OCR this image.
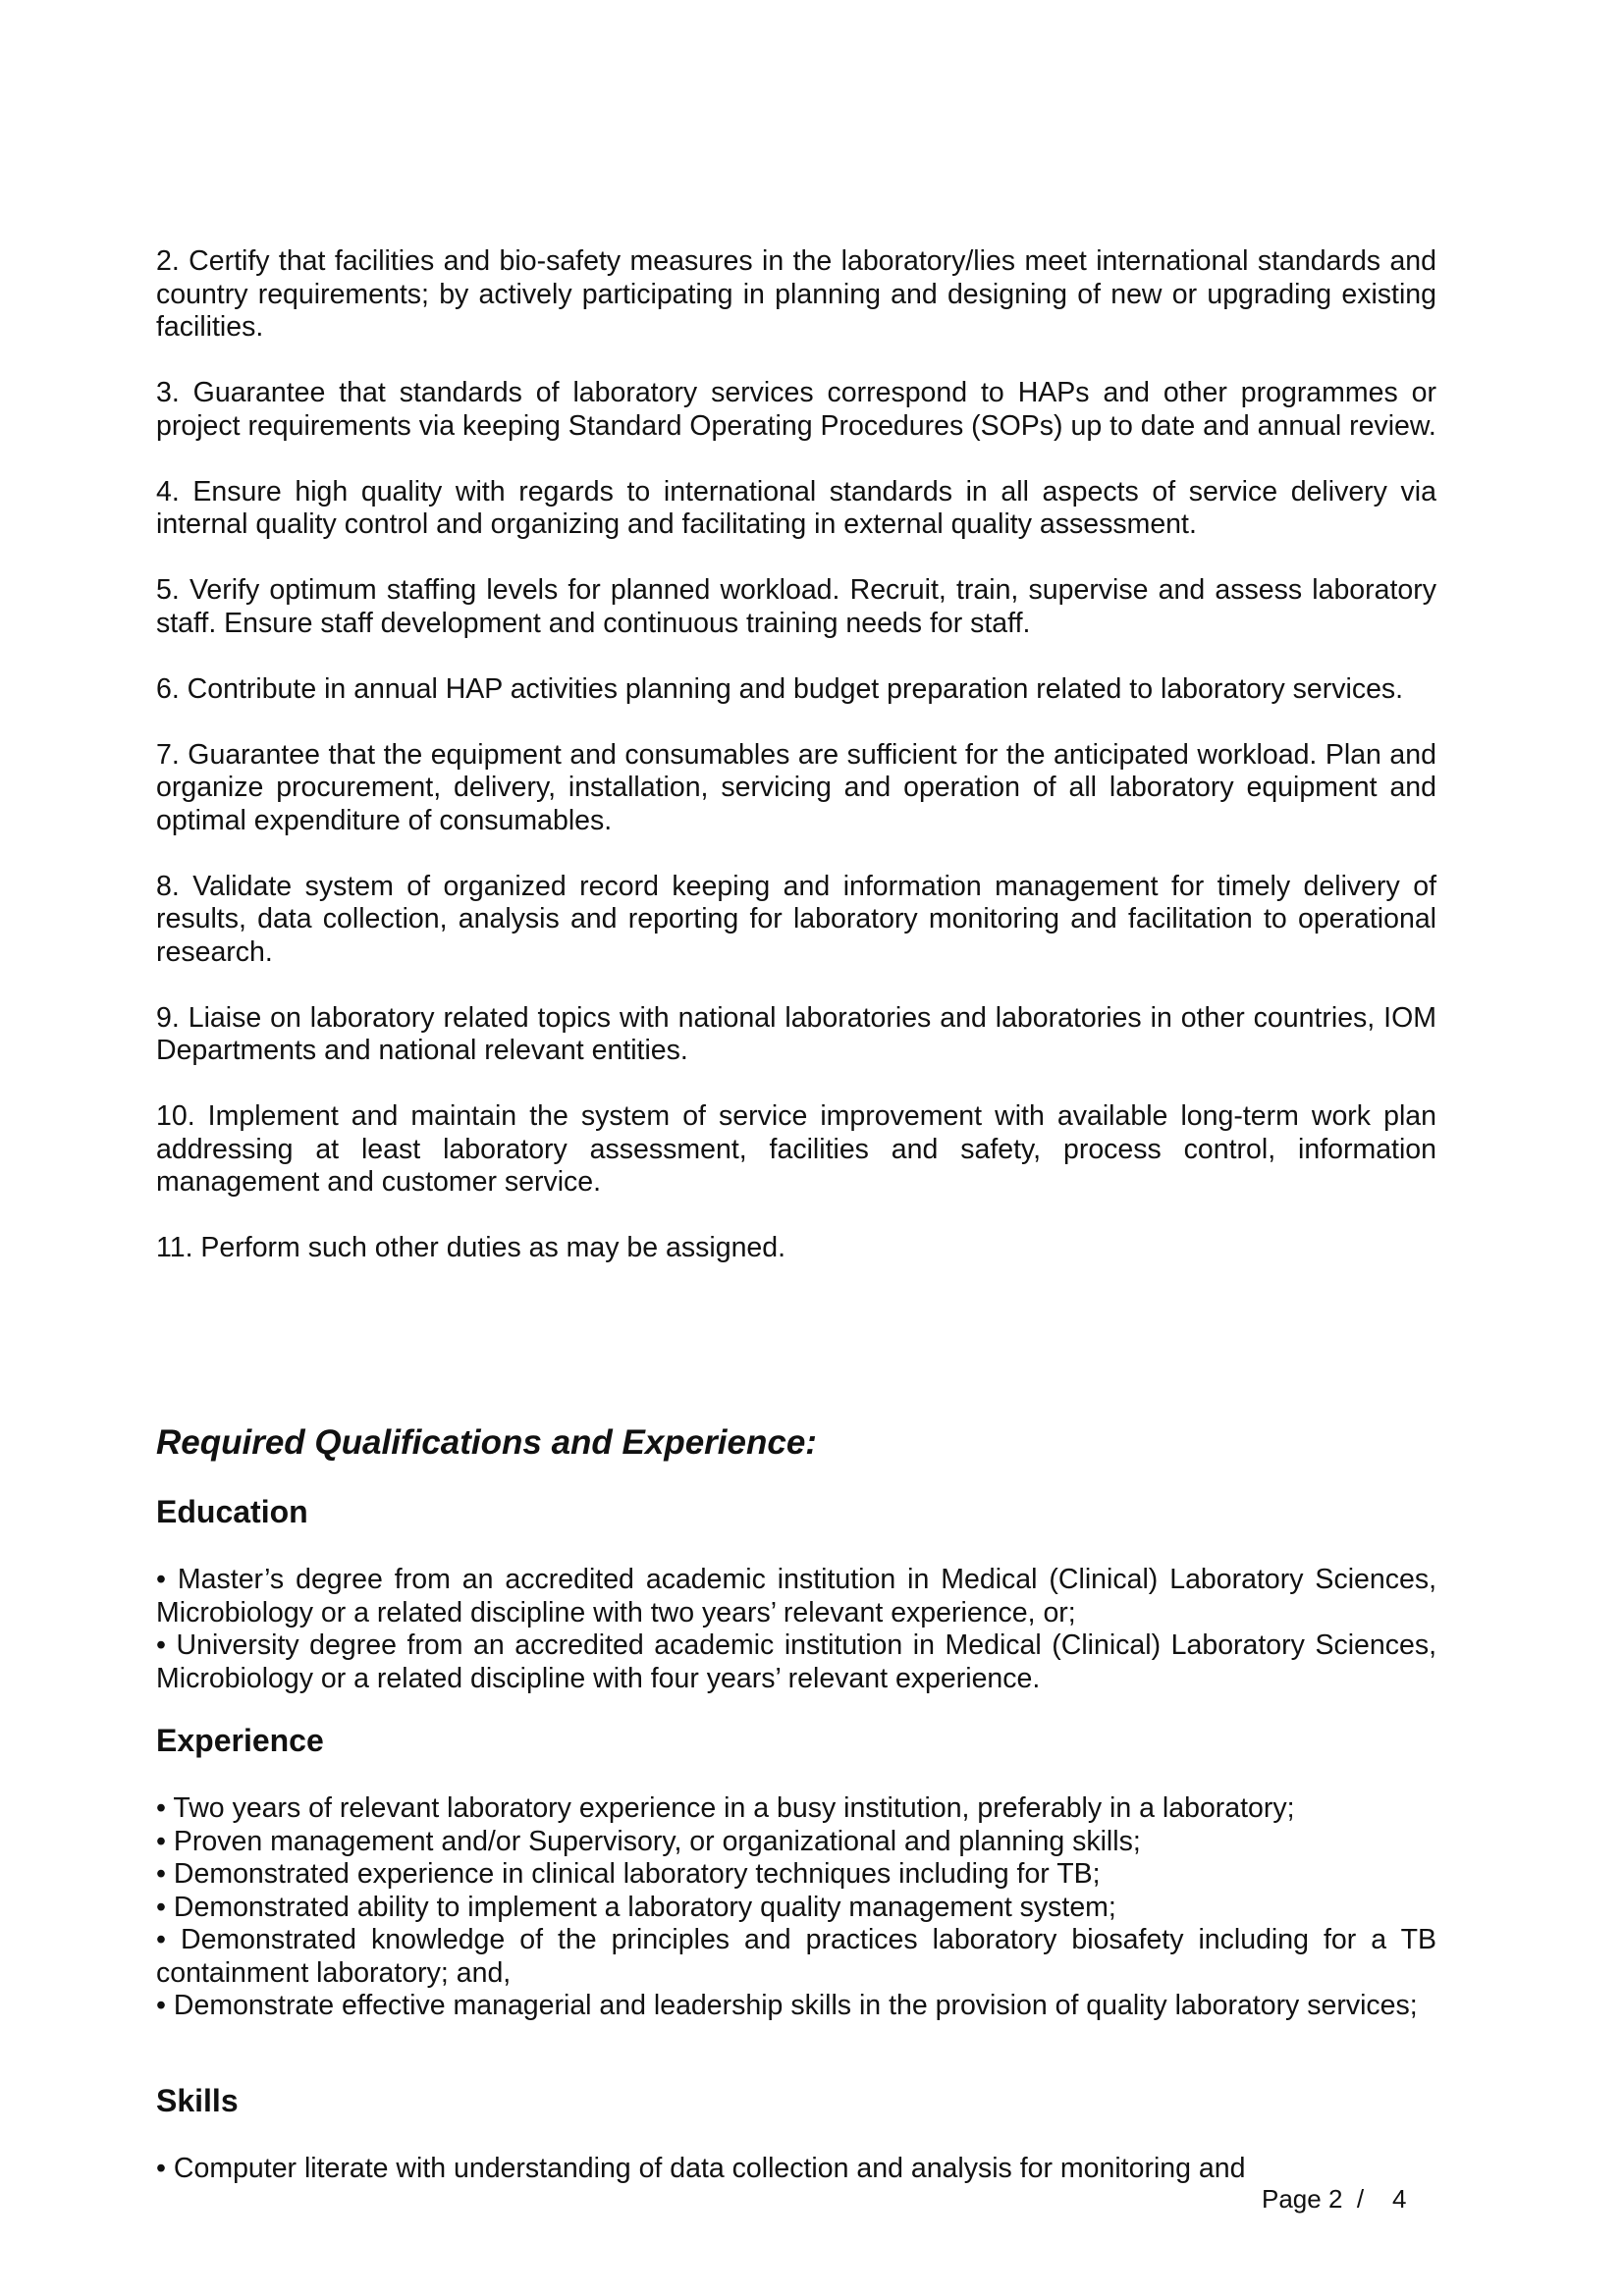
2. Certify that facilities and bio-safety measures in the laboratory/lies meet international standards and country requirements; by actively participating in planning and designing of new or upgrading existing facilities.

3. Guarantee that standards of laboratory services correspond to HAPs and other programmes or project requirements via keeping Standard Operating Procedures (SOPs) up to date and annual review.

4. Ensure high quality with regards to international standards in all aspects of service delivery via internal quality control and organizing and facilitating in external quality assessment.

5. Verify optimum staffing levels for planned workload. Recruit, train, supervise and assess laboratory staff. Ensure staff development and continuous training needs for staff.

6. Contribute in annual HAP activities planning and budget preparation related to laboratory services.

7. Guarantee that the equipment and consumables are sufficient for the anticipated workload. Plan and organize procurement, delivery, installation, servicing and operation of all laboratory equipment and optimal expenditure of consumables.

8. Validate system of organized record keeping and information management for timely delivery of results, data collection, analysis and reporting for laboratory monitoring and facilitation to operational research.

9. Liaise on laboratory related topics with national laboratories and laboratories in other countries, IOM Departments and national relevant entities.

10. Implement and maintain the system of service improvement with available long-term work plan addressing at least laboratory assessment, facilities and safety, process control, information management and customer service.

11. Perform such other duties as may be assigned.

Required Qualifications and Experience:
Education

• Master’s degree from an accredited academic institution in Medical (Clinical) Laboratory Sciences, Microbiology or a related discipline with two years’ relevant experience, or;

• University degree from an accredited academic institution in Medical (Clinical) Laboratory Sciences, Microbiology or a related discipline with four years’ relevant experience.

Experience

• Two years of relevant laboratory experience in a busy institution, preferably in a laboratory;

• Proven management and/or Supervisory, or organizational and planning skills;

• Demonstrated experience in clinical laboratory techniques including for TB;

• Demonstrated ability to implement a laboratory quality management system;

• Demonstrated knowledge of the principles and practices laboratory biosafety including for a TB containment laboratory; and,

• Demonstrate effective managerial and leadership skills in the provision of quality laboratory services;

Skills

• Computer literate with understanding of data collection and analysis for monitoring and

Page 2  /    4
